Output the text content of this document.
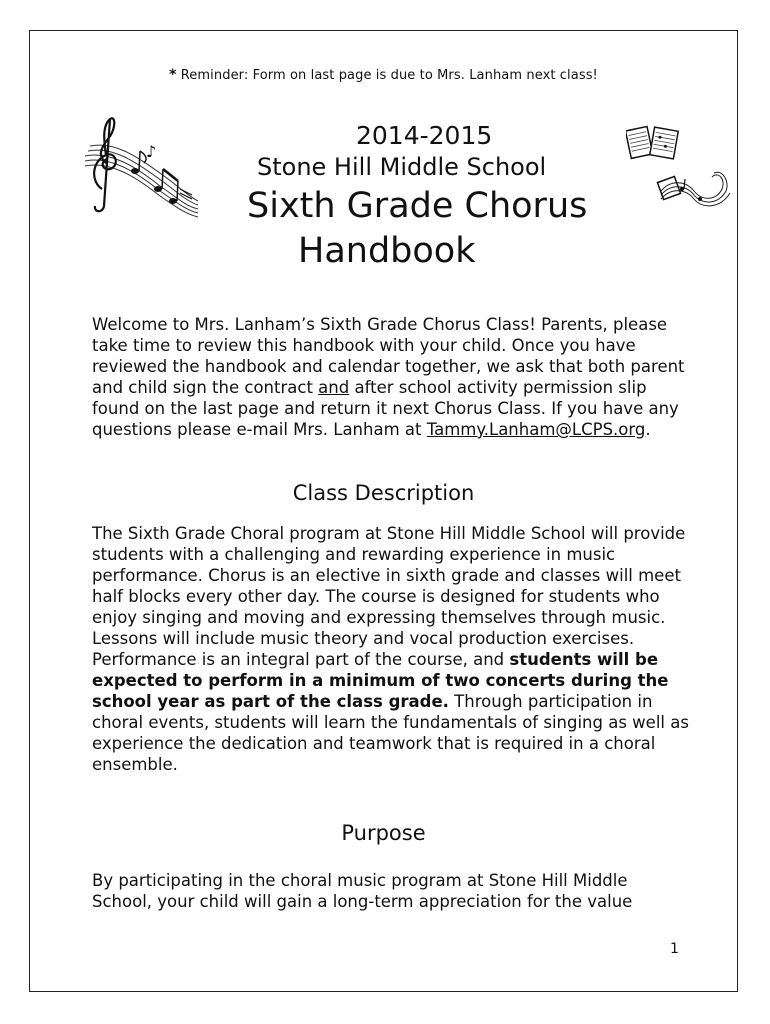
* Reminder: Form on last page is due to Mrs. Lanham next class!
♪
2014-2015
Stone Hill Middle School
Sixth Grade Chorus
Handbook

Welcome to Mrs. Lanham’s Sixth Grade Chorus Class! Parents, please take time to review this handbook with your child. Once you have reviewed the handbook and calendar together, we ask that both parent and child sign the contract and after school activity permission slip found on the last page and return it next Chorus Class. If you have any questions please e-mail Mrs. Lanham at Tammy.Lanham@LCPS.org.

Class Description

The Sixth Grade Choral program at Stone Hill Middle School will provide students with a challenging and rewarding experience in music performance. Chorus is an elective in sixth grade and classes will meet half blocks every other day. The course is designed for students who enjoy singing and moving and expressing themselves through music. Lessons will include music theory and vocal production exercises. Performance is an integral part of the course, and students will be expected to perform in a minimum of two concerts during the school year as part of the class grade. Through participation in choral events, students will learn the fundamentals of singing as well as experience the dedication and teamwork that is required in a choral ensemble.

Purpose

By participating in the choral music program at Stone Hill Middle School, your child will gain a long-term appreciation for the value

1
